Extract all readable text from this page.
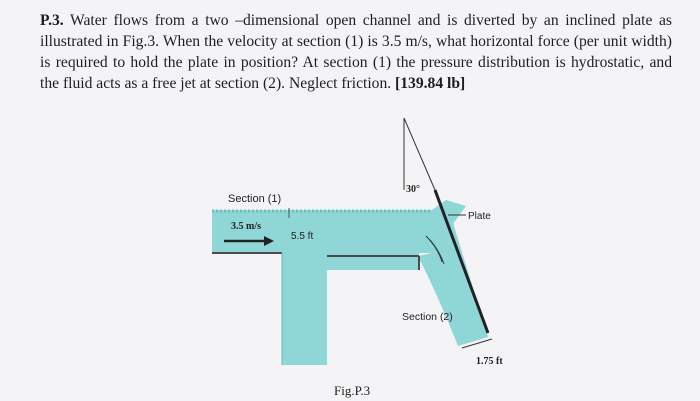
P.3. Water flows from a two –dimensional open channel and is diverted by an inclined plate as illustrated in Fig.3. When the velocity at section (1) is 3.5 m/s, what horizontal force (per unit width) is required to hold the plate in position? At section (1) the pressure distribution is hydrostatic, and the fluid acts as a free jet at section (2). Neglect friction. [139.84 lb]
Section (1)
3.5 m/s
5.5 ft
30°
Plate
Section (2)
1.75 ft
Fig.P.3
